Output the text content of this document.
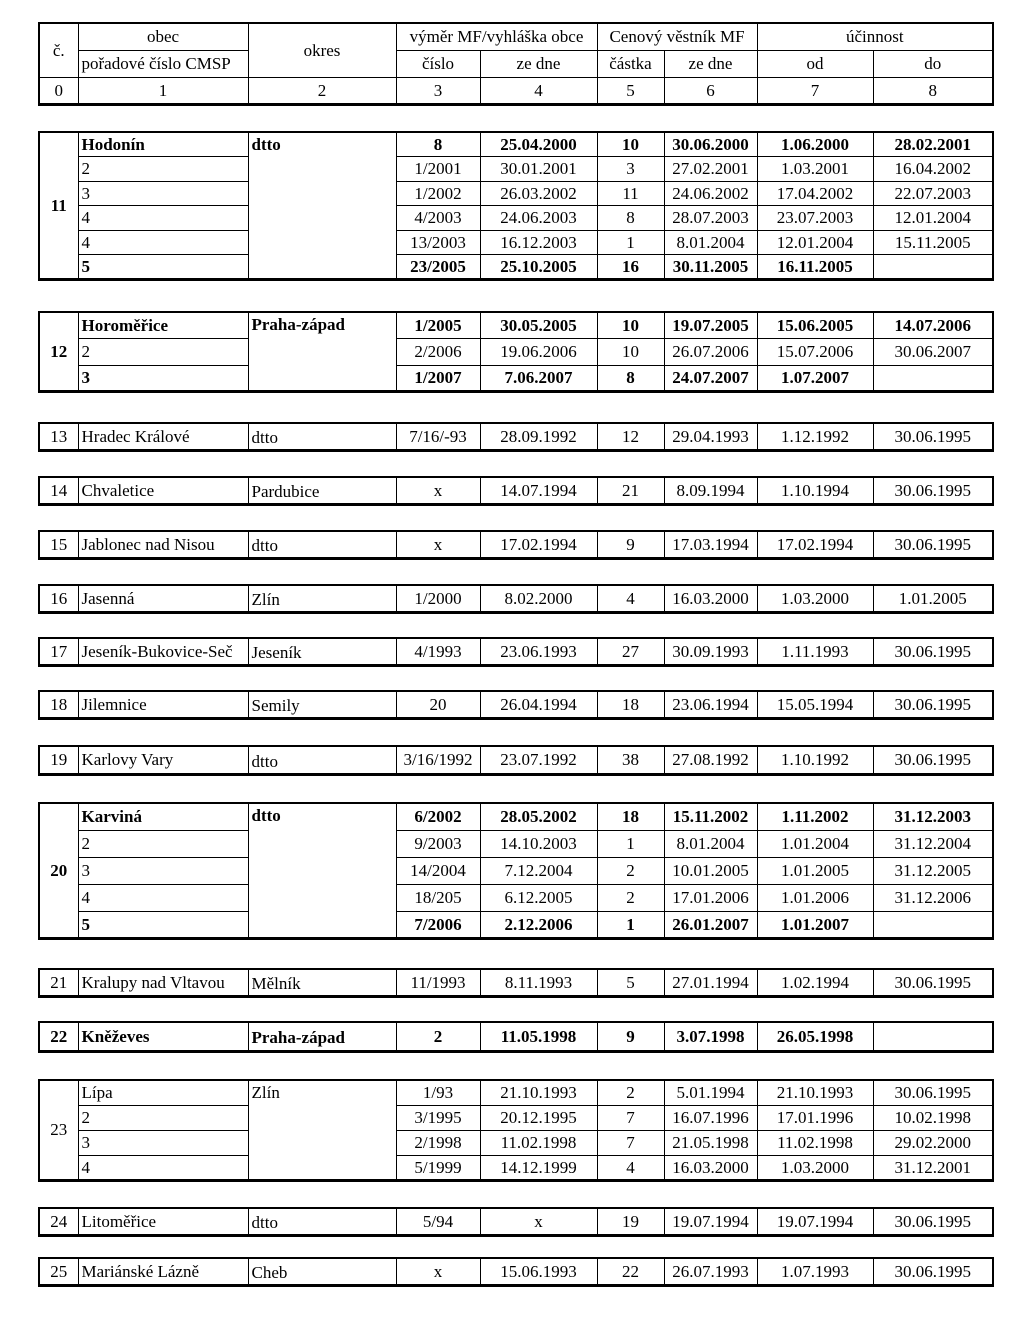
č.	obec	okres	výměr MF/vyhláška obce		Cenový věstník MF		účinnost	
	pořadové číslo CMSP		číslo	ze dne	částka	ze dne	od	do
0	1	2	3	4	5	6	7	8
11	Hodonín	dtto	8	25.04.2000	10	30.06.2000	1.06.2000	28.02.2001
	2		1/2001	30.01.2001	3	27.02.2001	1.03.2001	16.04.2002
	3		1/2002	26.03.2002	11	24.06.2002	17.04.2002	22.07.2003
	4		4/2003	24.06.2003	8	28.07.2003	23.07.2003	12.01.2004
	4		13/2003	16.12.2003	1	8.01.2004	12.01.2004	15.11.2005
	5		23/2005	25.10.2005	16	30.11.2005	16.11.2005	
12	Horoměřice	Praha-západ	1/2005	30.05.2005	10	19.07.2005	15.06.2005	14.07.2006
	2		2/2006	19.06.2006	10	26.07.2006	15.07.2006	30.06.2007
	3		1/2007	7.06.2007	8	24.07.2007	1.07.2007	
13	Hradec Králové	dtto	7/16/-93	28.09.1992	12	29.04.1993	1.12.1992	30.06.1995
14	Chvaletice	Pardubice	x	14.07.1994	21	8.09.1994	1.10.1994	30.06.1995
15	Jablonec nad Nisou	dtto	x	17.02.1994	9	17.03.1994	17.02.1994	30.06.1995
16	Jasenná	Zlín	1/2000	8.02.2000	4	16.03.2000	1.03.2000	1.01.2005
17	Jeseník-Bukovice-Seč	Jeseník	4/1993	23.06.1993	27	30.09.1993	1.11.1993	30.06.1995
18	Jilemnice	Semily	20	26.04.1994	18	23.06.1994	15.05.1994	30.06.1995
19	Karlovy Vary	dtto	3/16/1992	23.07.1992	38	27.08.1992	1.10.1992	30.06.1995
20	Karviná	dtto	6/2002	28.05.2002	18	15.11.2002	1.11.2002	31.12.2003
	2		9/2003	14.10.2003	1	8.01.2004	1.01.2004	31.12.2004
	3		14/2004	7.12.2004	2	10.01.2005	1.01.2005	31.12.2005
	4		18/205	6.12.2005	2	17.01.2006	1.01.2006	31.12.2006
	5		7/2006	2.12.2006	1	26.01.2007	1.01.2007	
21	Kralupy nad Vltavou	Mělník	11/1993	8.11.1993	5	27.01.1994	1.02.1994	30.06.1995
22	Kněževes	Praha-západ	2	11.05.1998	9	3.07.1998	26.05.1998	
23	Lípa	Zlín	1/93	21.10.1993	2	5.01.1994	21.10.1993	30.06.1995
	2		3/1995	20.12.1995	7	16.07.1996	17.01.1996	10.02.1998
	3		2/1998	11.02.1998	7	21.05.1998	11.02.1998	29.02.2000
	4		5/1999	14.12.1999	4	16.03.2000	1.03.2000	31.12.2001
24	Litoměřice	dtto	5/94	x	19	19.07.1994	19.07.1994	30.06.1995
25	Mariánské Lázně	Cheb	x	15.06.1993	22	26.07.1993	1.07.1993	30.06.1995
